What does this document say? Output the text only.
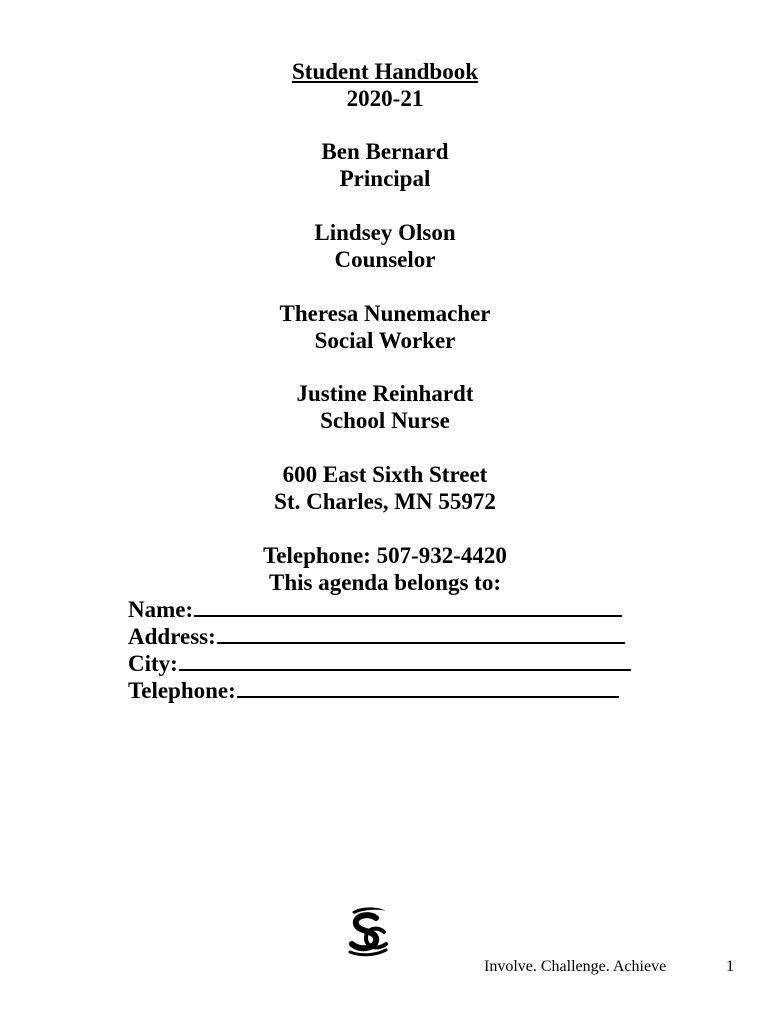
Student Handbook
2020-21
Ben Bernard
Principal
Lindsey Olson
Counselor
Theresa Nunemacher
Social Worker
Justine Reinhardt
School Nurse
600 East Sixth Street
St. Charles, MN 55972
Telephone: 507-932-4420
This agenda belongs to:
Name:
Address:
City:
Telephone:
Involve. Challenge. Achieve	1
